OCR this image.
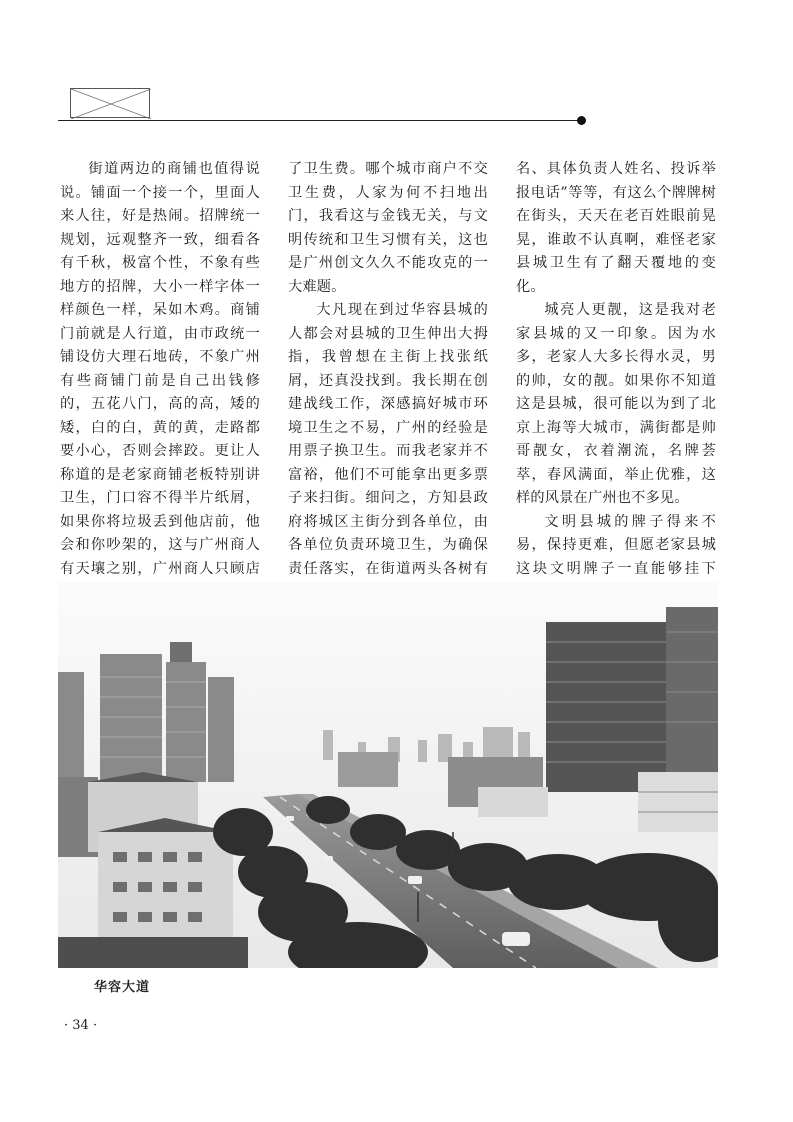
街道两边的商铺也值得说说。铺面一个接一个，里面人来人往，好是热闹。招牌统一规划，远观整齐一致，细看各有千秋，极富个性，不象有些地方的招牌，大小一样字体一样颜色一样，呆如木鸡。商铺门前就是人行道，由市政统一铺设仿大理石地砖，不象广州有些商铺门前是自己出钱修的，五花八门，高的高，矮的矮，白的白，黄的黄，走路都要小心，否则会摔跤。更让人称道的是老家商铺老板特别讲卫生，门口容不得半片纸屑，如果你将垃圾丢到他店前，他会和你吵架的，这与广州商人有天壤之别，广州商人只顾店

了卫生费。哪个城市商户不交卫生费，人家为何不扫地出门，我看这与金钱无关，与文明传统和卫生习惯有关，这也是广州创文久久不能攻克的一大难题。

大凡现在到过华容县城的人都会对县城的卫生伸出大拇指，我曾想在主街上找张纸屑，还真没找到。我长期在创建战线工作，深感搞好城市环境卫生之不易，广州的经验是用票子换卫生。而我老家并不富裕，他们不可能拿出更多票子来扫街。细问之，方知县政府将城区主街分到各单位，由各单位负责环境卫生，为确保责任落实，在街道两头各树有

名、具体负责人姓名、投诉举报电话”等等，有这么个牌牌树在街头，天天在老百姓眼前晃晃，谁敢不认真啊，难怪老家县城卫生有了翻天覆地的变化。

城亮人更靓，这是我对老家县城的又一印象。因为水多，老家人大多长得水灵，男的帅，女的靓。如果你不知道这是县城，很可能以为到了北京上海等大城市，满街都是帅哥靓女，衣着潮流，名牌荟萃，春风满面，举止优雅，这样的风景在广州也不多见。

文明县城的牌子得来不易，保持更难，但愿老家县城这块文明牌子一直能够挂下

华容大道
· 34 ·
